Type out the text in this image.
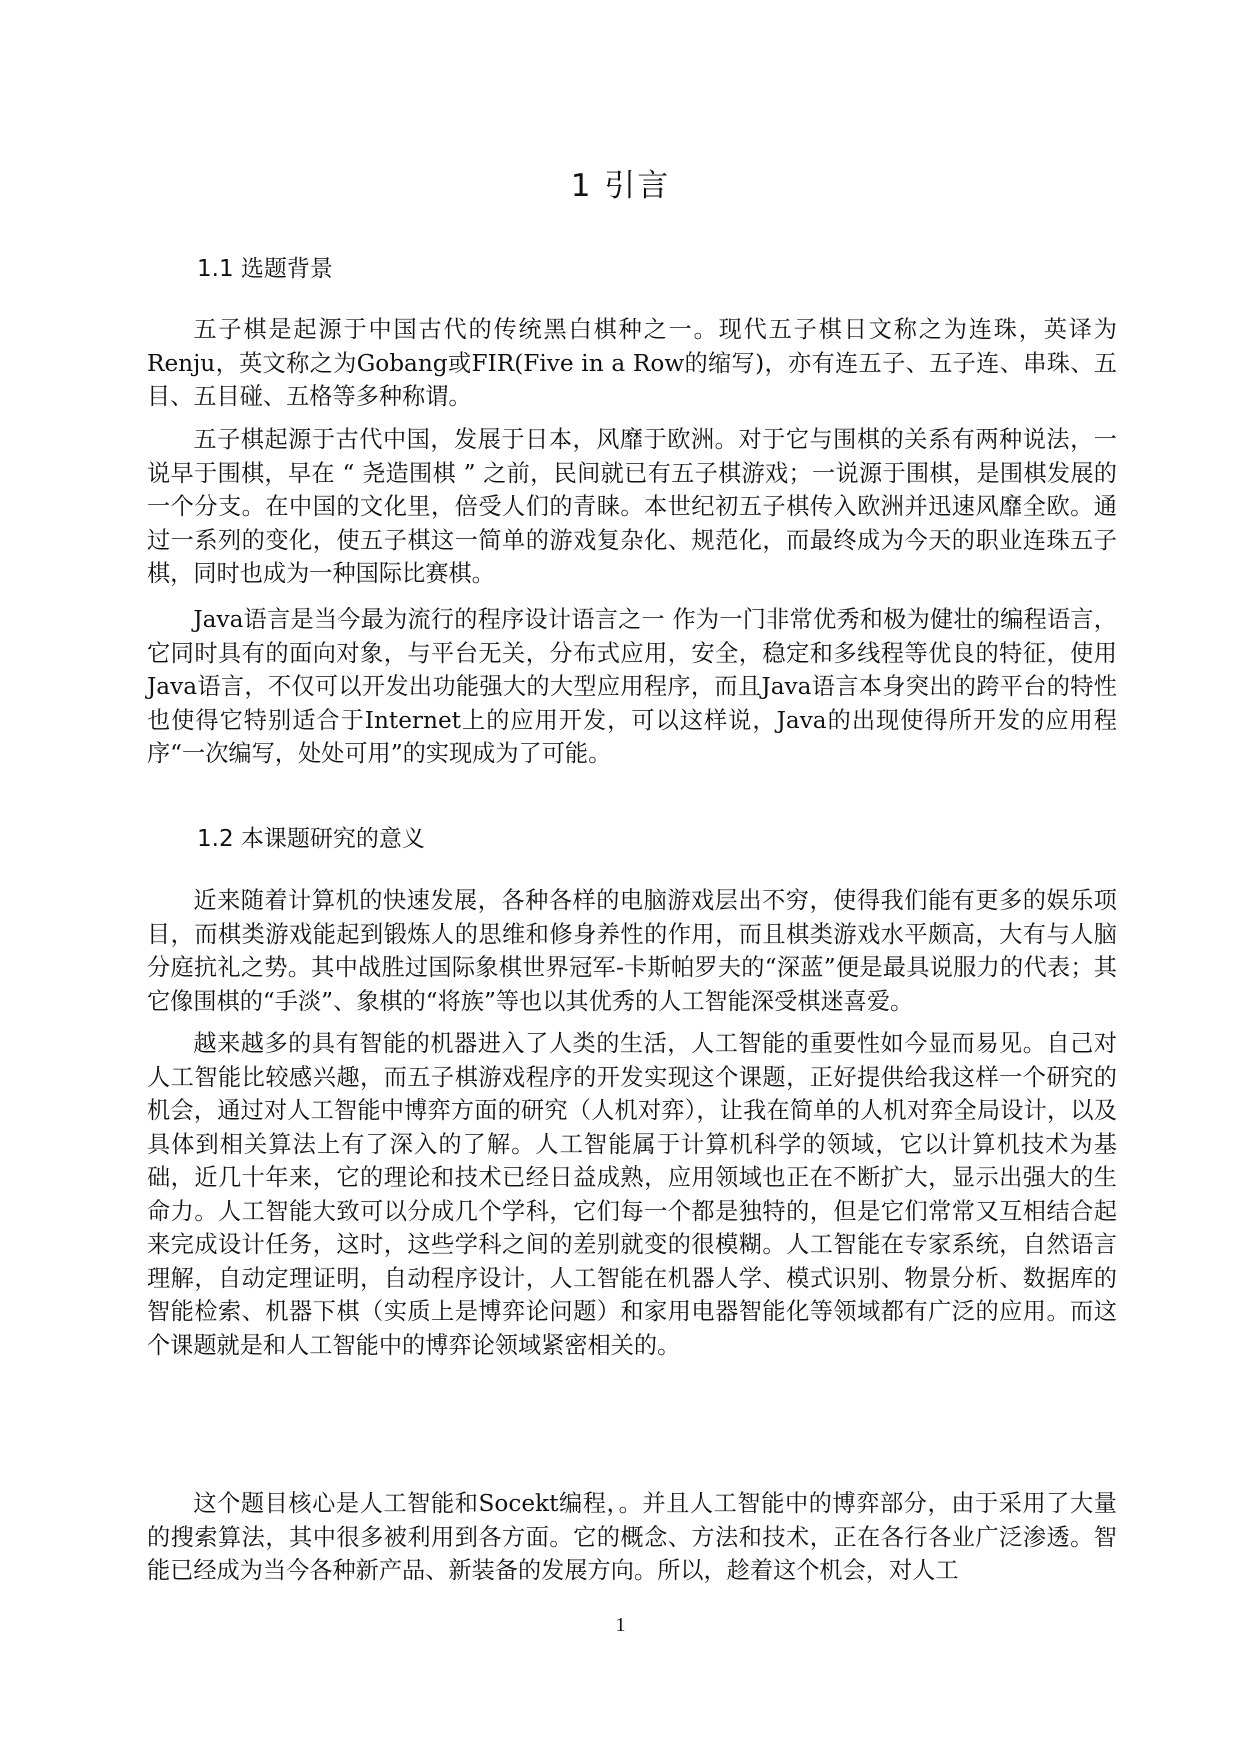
1 引言
1.1 选题背景

五子棋是起源于中国古代的传统黑白棋种之一。现代五子棋日文称之为连珠，英译为Renju，英文称之为Gobang或FIR(Five in a Row的缩写)，亦有连五子、五子连、串珠、五目、五目碰、五格等多种称谓。

五子棋起源于古代中国，发展于日本，风靡于欧洲。对于它与围棋的关系有两种说法，一说早于围棋，早在 “ 尧造围棋 ” 之前，民间就已有五子棋游戏；一说源于围棋，是围棋发展的一个分支。在中国的文化里，倍受人们的青睐。本世纪初五子棋传入欧洲并迅速风靡全欧。通过一系列的变化，使五子棋这一简单的游戏复杂化、规范化，而最终成为今天的职业连珠五子棋，同时也成为一种国际比赛棋。

Java语言是当今最为流行的程序设计语言之一 作为一门非常优秀和极为健壮的编程语言，它同时具有的面向对象，与平台无关，分布式应用，安全，稳定和多线程等优良的特征，使用Java语言，不仅可以开发出功能强大的大型应用程序，而且Java语言本身突出的跨平台的特性也使得它特别适合于Internet上的应用开发，可以这样说，Java的出现使得所开发的应用程序“一次编写，处处可用”的实现成为了可能。

1.2 本课题研究的意义

近来随着计算机的快速发展，各种各样的电脑游戏层出不穷，使得我们能有更多的娱乐项目，而棋类游戏能起到锻炼人的思维和修身养性的作用，而且棋类游戏水平颇高，大有与人脑分庭抗礼之势。其中战胜过国际象棋世界冠军-卡斯帕罗夫的“深蓝”便是最具说服力的代表；其它像围棋的“手淡”、象棋的“将族”等也以其优秀的人工智能深受棋迷喜爱。

越来越多的具有智能的机器进入了人类的生活，人工智能的重要性如今显而易见。自己对人工智能比较感兴趣，而五子棋游戏程序的开发实现这个课题，正好提供给我这样一个研究的机会，通过对人工智能中博弈方面的研究（人机对弈），让我在简单的人机对弈全局设计，以及具体到相关算法上有了深入的了解。人工智能属于计算机科学的领域，它以计算机技术为基础，近几十年来，它的理论和技术已经日益成熟，应用领域也正在不断扩大，显示出强大的生命力。人工智能大致可以分成几个学科，它们每一个都是独特的，但是它们常常又互相结合起来完成设计任务，这时，这些学科之间的差别就变的很模糊。人工智能在专家系统，自然语言理解，自动定理证明，自动程序设计，人工智能在机器人学、模式识别、物景分析、数据库的智能检索、机器下棋（实质上是博弈论问题）和家用电器智能化等领域都有广泛的应用。而这个课题就是和人工智能中的博弈论领域紧密相关的。

这个题目核心是人工智能和Socekt编程，。并且人工智能中的博弈部分，由于采用了大量的搜索算法，其中很多被利用到各方面。它的概念、方法和技术，正在各行各业广泛渗透。智能已经成为当今各种新产品、新装备的发展方向。所以，趁着这个机会，对人工

1
